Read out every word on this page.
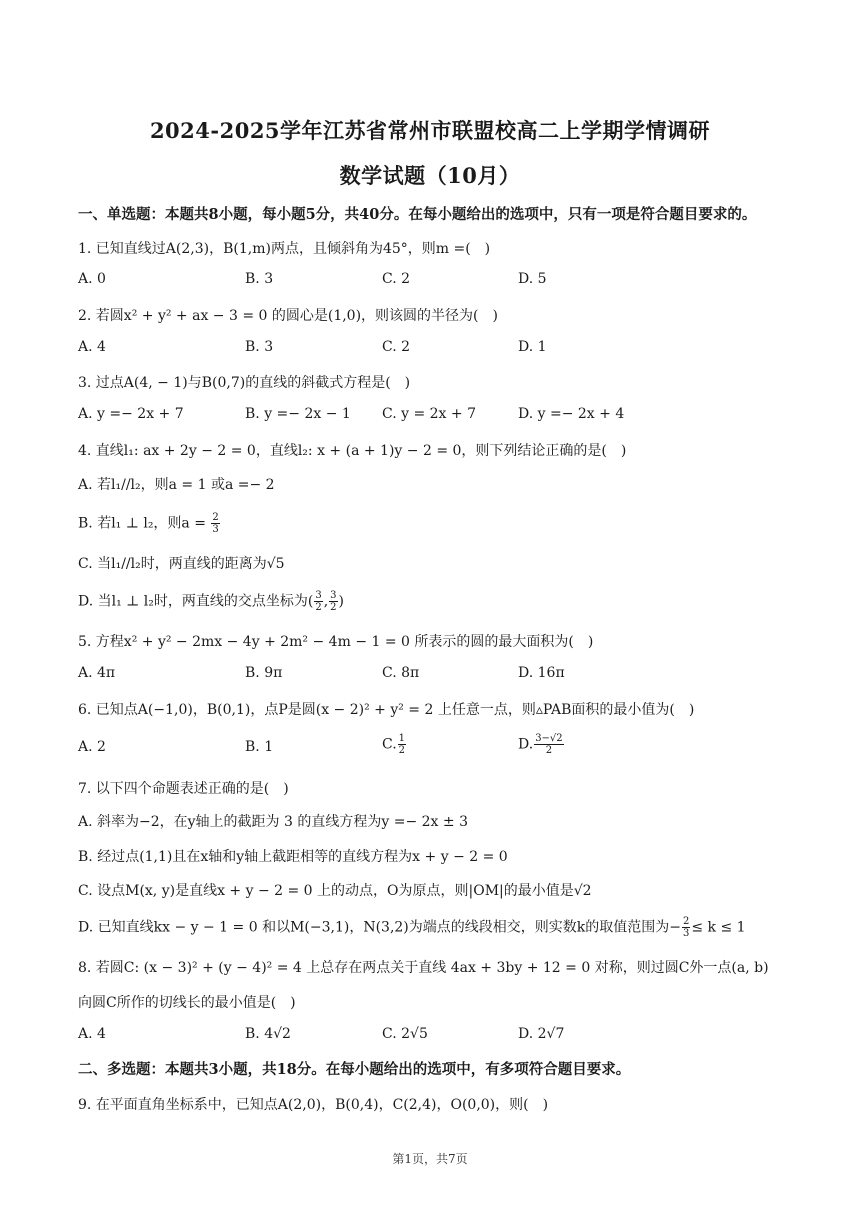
2024-2025学年江苏省常州市联盟校高二上学期学情调研
数学试题（10月）
一、单选题：本题共8小题，每小题5分，共40分。在每小题给出的选项中，只有一项是符合题目要求的。
1. 已知直线过A(2,3)，B(1,m)两点，且倾斜角为45°，则m =(　)
A. 0	B. 3	C. 2	D. 5
2. 若圆x² + y² + ax − 3 = 0 的圆心是(1,0)，则该圆的半径为(　)
A. 4	B. 3	C. 2	D. 1
3. 过点A(4, − 1)与B(0,7)的直线的斜截式方程是(　)
A. y =− 2x + 7	B. y =− 2x − 1 C. y = 2x + 7	D. y =− 2x + 4
4. 直线l₁: ax + 2y − 2 = 0，直线l₂: x + (a + 1)y − 2 = 0，则下列结论正确的是(　)
A. 若l₁//l₂，则a = 1 或a =− 2
B. 若l₁ ⊥ l₂，则$a = \frac{2}{3}$
C. 当l₁//l₂时，两直线的距离为√5
D. 当l₁ ⊥ l₂时，两直线的交点坐标为( $\frac{3}{2}$ , $\frac{3}{2}$ )
5. 方程x² + y² − 2mx − 4y + 2m² − 4m − 1 = 0 所表示的圆的最大面积为(　)
A. 4π	B. 9π	C. 8π	D. 16π
6. 已知点A(−1,0)，B(0,1)，点P是圆(x − 2)² + y² = 2 上任意一点，则▵PAB面积的最小值为(　)
A. 2	B. 1	C. $\frac{1}{2}$	D. $\frac{3-√2}{2}$
7. 以下四个命题表述正确的是(　)
A. 斜率为−2，在y轴上的截距为 3 的直线方程为y =− 2x ± 3
B. 经过点(1,1)且在x轴和y轴上截距相等的直线方程为x + y − 2 = 0
C. 设点M(x, y)是直线x + y − 2 = 0 上的动点，O为原点，则|OM|的最小值是√2
D. 已知直线kx − y − 1 = 0 和以M(−3,1)，N(3,2)为端点的线段相交，则实数k的取值范围为− $\frac{2}{3} \le k \le 1$
8. 若圆C: (x − 3)² + (y − 4)² = 4 上总存在两点关于直线 4ax + 3by + 12 = 0 对称，则过圆C外一点(a, b)
向圆C所作的切线长的最小值是(　)
A. 4	B. 4√2	C. 2√5	D. 2√7
二、多选题：本题共3小题，共18分。在每小题给出的选项中，有多项符合题目要求。
9. 在平面直角坐标系中，已知点A(2,0)，B(0,4)，C(2,4)，O(0,0)，则(　)
第1页，共7页
